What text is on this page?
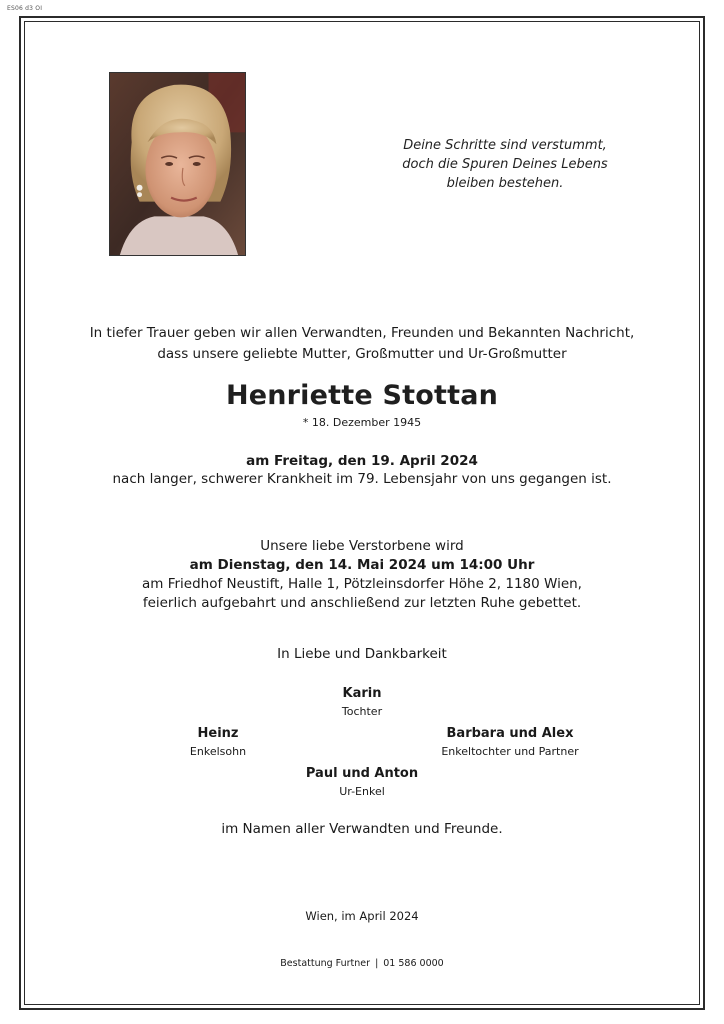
ES06 d3 OI
Deine Schritte sind verstummt,
doch die Spuren Deines Lebens
bleiben bestehen.
In tiefer Trauer geben wir allen Verwandten, Freunden und Bekannten Nachricht,
dass unsere geliebte Mutter, Großmutter und Ur-Großmutter
Henriette Stottan
* 18. Dezember 1945
am Freitag, den 19. April 2024
nach langer, schwerer Krankheit im 79. Lebensjahr von uns gegangen ist.
Unsere liebe Verstorbene wird
am Dienstag, den 14. Mai 2024 um 14:00 Uhr
am Friedhof Neustift, Halle 1, Pötzleinsdorfer Höhe 2, 1180 Wien,
feierlich aufgebahrt und anschließend zur letzten Ruhe gebettet.
In Liebe und Dankbarkeit
Karin
Tochter
Heinz
Enkelsohn
Barbara und Alex
Enkeltochter und Partner
Paul und Anton
Ur-Enkel
im Namen aller Verwandten und Freunde.
Wien, im April 2024
Bestattung Furtner | 01 586 0000
